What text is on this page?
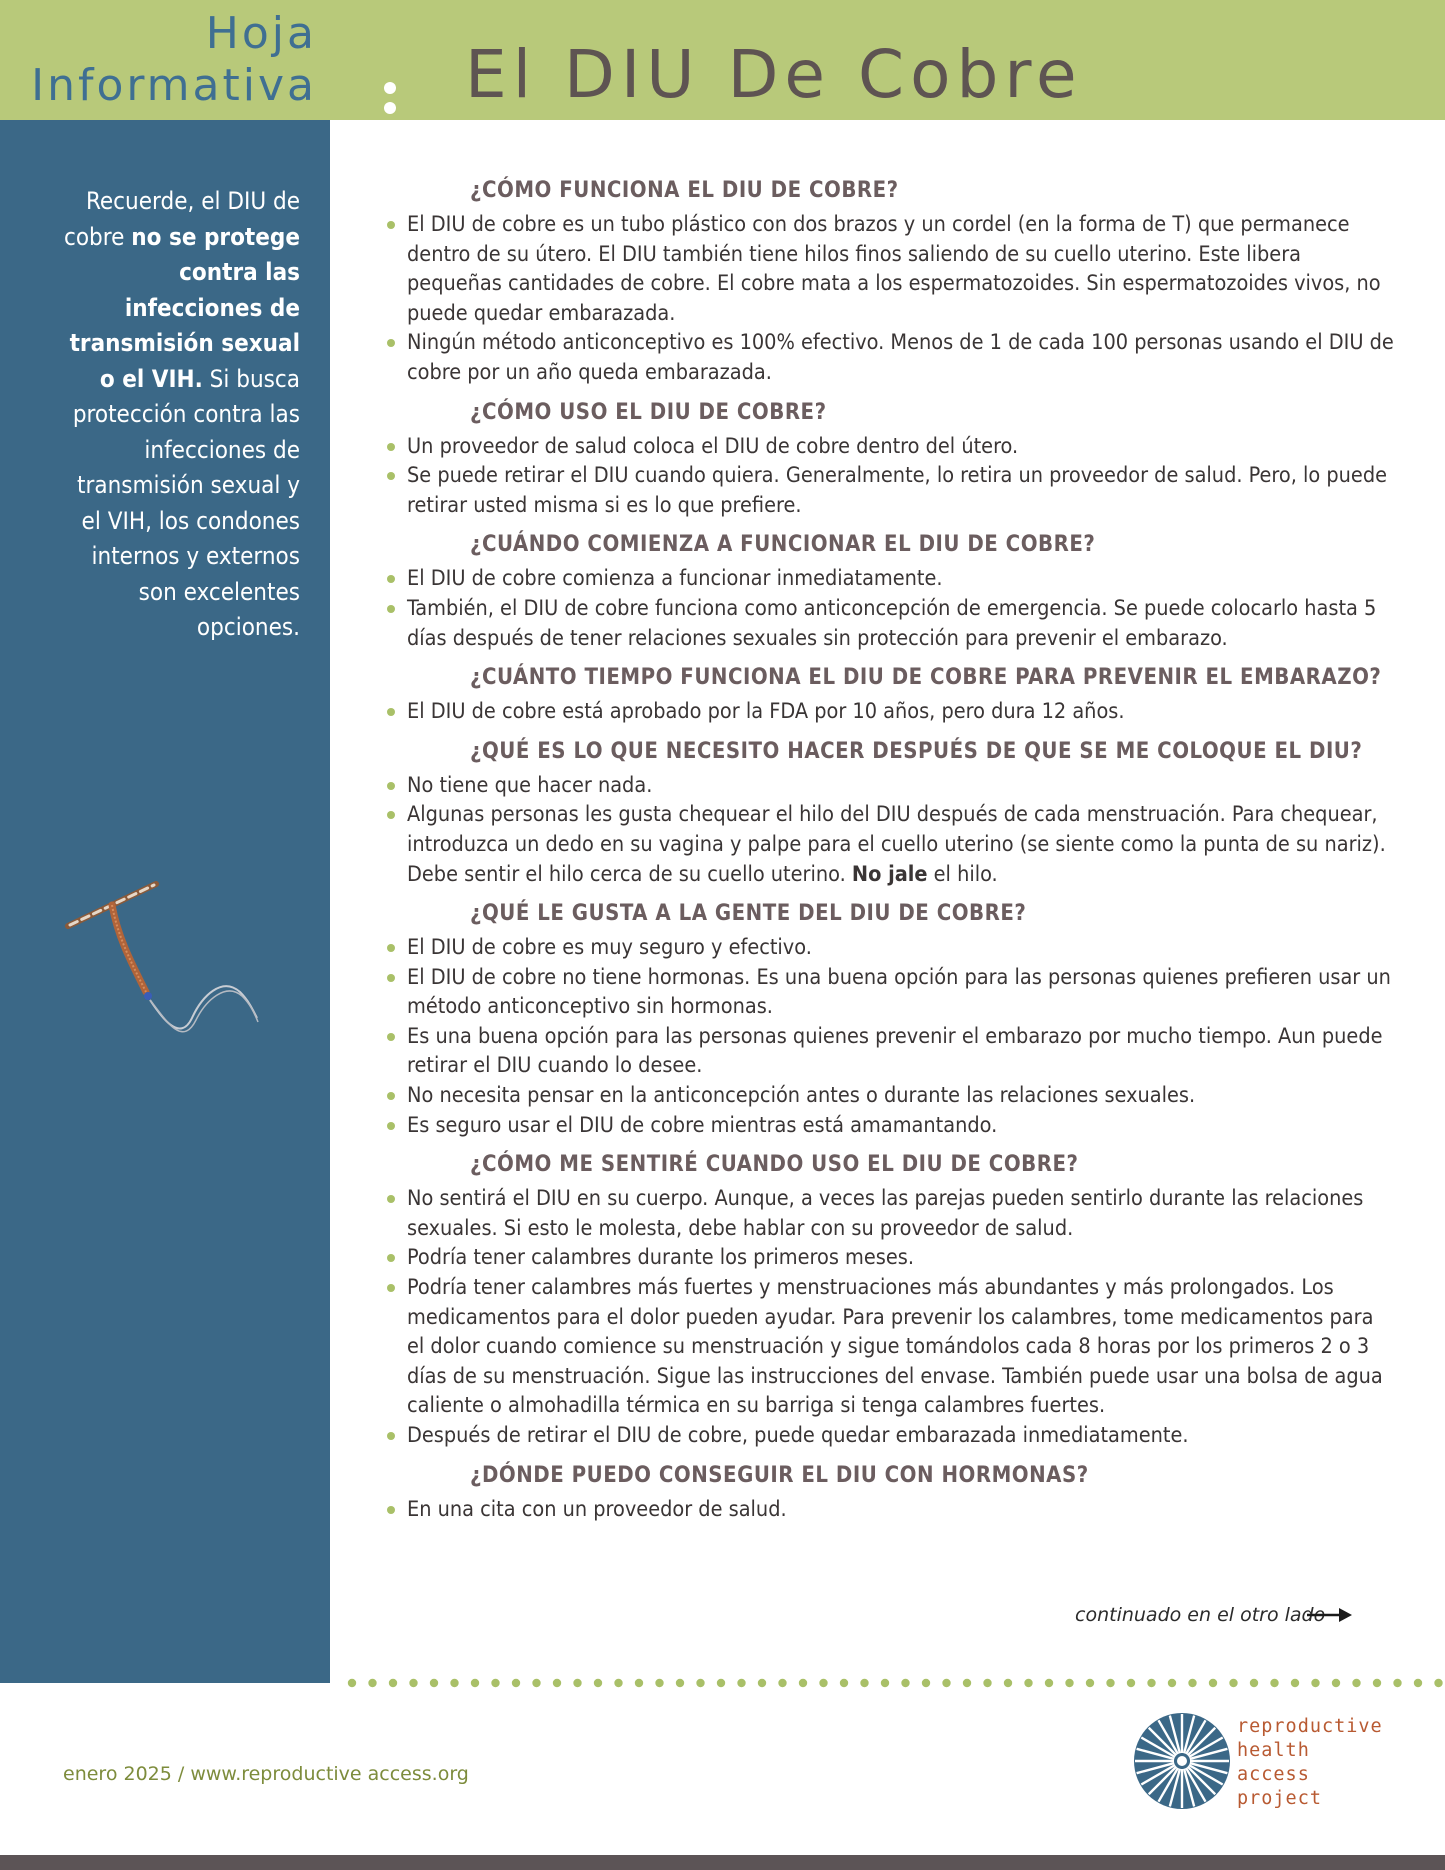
Hoja
Informativa El DIU De Cobre
Recuerde, el DIU de cobre no se protege contra las infecciones de transmisión sexual o el VIH. Si busca protección contra las infecciones de transmisión sexual y el VIH, los condones internos y externos son excelentes opciones.
¿CÓMO FUNCIONA EL DIU DE COBRE?
El DIU de cobre es un tubo plástico con dos brazos y un cordel (en la forma de T) que permanece dentro de su útero. El DIU también tiene hilos finos saliendo de su cuello uterino. Este libera pequeñas cantidades de cobre. El cobre mata a los espermatozoides. Sin espermatozoides vivos, no puede quedar embarazada.
Ningún método anticonceptivo es 100% efectivo. Menos de 1 de cada 100 personas usando el DIU de cobre por un año queda embarazada.
¿CÓMO USO EL DIU DE COBRE?
Un proveedor de salud coloca el DIU de cobre dentro del útero.
Se puede retirar el DIU cuando quiera. Generalmente, lo retira un proveedor de salud. Pero, lo puede retirar usted misma si es lo que prefiere.
¿CUÁNDO COMIENZA A FUNCIONAR EL DIU DE COBRE?
El DIU de cobre comienza a funcionar inmediatamente.
También, el DIU de cobre funciona como anticoncepción de emergencia. Se puede colocarlo hasta 5 días después de tener relaciones sexuales sin protección para prevenir el embarazo.
¿CUÁNTO TIEMPO FUNCIONA EL DIU DE COBRE PARA PREVENIR EL EMBARAZO?
El DIU de cobre está aprobado por la FDA por 10 años, pero dura 12 años.
¿QUÉ ES LO QUE NECESITO HACER DESPUÉS DE QUE SE ME COLOQUE EL DIU?
No tiene que hacer nada.
Algunas personas les gusta chequear el hilo del DIU después de cada menstruación. Para chequear, introduzca un dedo en su vagina y palpe para el cuello uterino (se siente como la punta de su nariz). Debe sentir el hilo cerca de su cuello uterino. No jale el hilo.
¿QUÉ LE GUSTA A LA GENTE DEL DIU DE COBRE?
El DIU de cobre es muy seguro y efectivo.
El DIU de cobre no tiene hormonas. Es una buena opción para las personas quienes prefieren usar un método anticonceptivo sin hormonas.
Es una buena opción para las personas quienes prevenir el embarazo por mucho tiempo. Aun puede retirar el DIU cuando lo desee.
No necesita pensar en la anticoncepción antes o durante las relaciones sexuales.
Es seguro usar el DIU de cobre mientras está amamantando.
¿CÓMO ME SENTIRÉ CUANDO USO EL DIU DE COBRE?
No sentirá el DIU en su cuerpo. Aunque, a veces las parejas pueden sentirlo durante las relaciones sexuales. Si esto le molesta, debe hablar con su proveedor de salud.
Podría tener calambres durante los primeros meses.
Podría tener calambres más fuertes y menstruaciones más abundantes y más prolongados. Los medicamentos para el dolor pueden ayudar. Para prevenir los calambres, tome medicamentos para el dolor cuando comience su menstruación y sigue tomándolos cada 8 horas por los primeros 2 o 3 días de su menstruación. Sigue las instrucciones del envase. También puede usar una bolsa de agua caliente o almohadilla térmica en su barriga si tenga calambres fuertes.
Después de retirar el DIU de cobre, puede quedar embarazada inmediatamente.
¿DÓNDE PUEDO CONSEGUIR EL DIU CON HORMONAS?
En una cita con un proveedor de salud.
continuado en el otro lado
enero 2025 / www.reproductive access.org
reproductive
health
access
project
